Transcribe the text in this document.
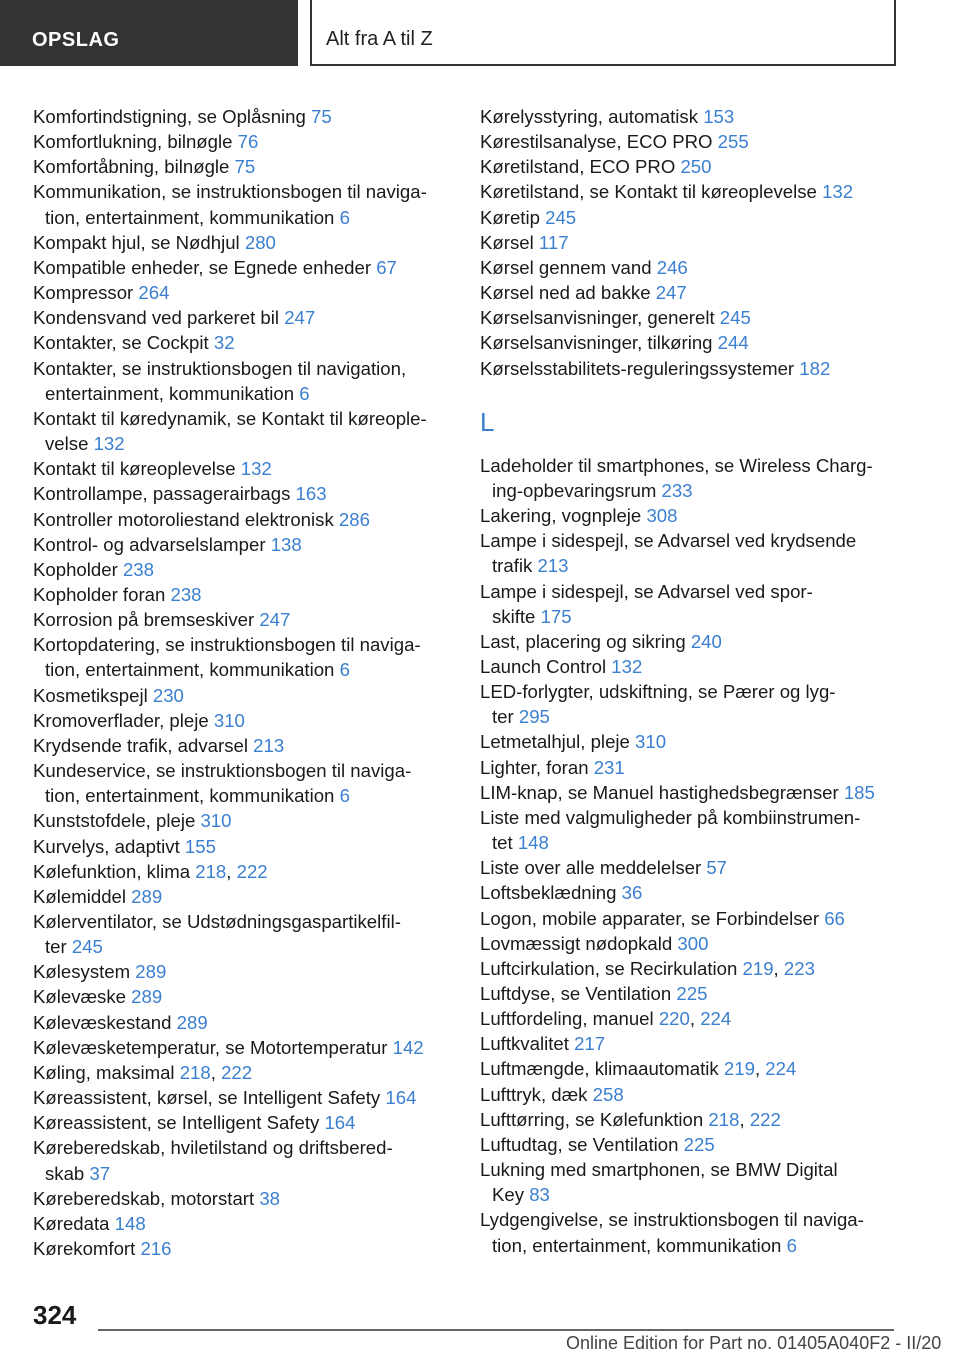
OPSLAG	Alt fra A til Z
Komfortindstigning, se Oplåsning 75
Komfortlukning, bilnøgle 76
Komfortåbning, bilnøgle 75
Kommunikation, se instruktionsbogen til naviga-
tion, entertainment, kommunikation 6
Kompakt hjul, se Nødhjul 280
Kompatible enheder, se Egnede enheder 67
Kompressor 264
Kondensvand ved parkeret bil 247
Kontakter, se Cockpit 32
Kontakter, se instruktionsbogen til navigation,
entertainment, kommunikation 6
Kontakt til køredynamik, se Kontakt til køreople-
velse 132
Kontakt til køreoplevelse 132
Kontrollampe, passagerairbags 163
Kontroller motoroliestand elektronisk 286
Kontrol- og advarselslamper 138
Kopholder 238
Kopholder foran 238
Korrosion på bremseskiver 247
Kortopdatering, se instruktionsbogen til naviga-
tion, entertainment, kommunikation 6
Kosmetikspejl 230
Kromoverflader, pleje 310
Krydsende trafik, advarsel 213
Kundeservice, se instruktionsbogen til naviga-
tion, entertainment, kommunikation 6
Kunststofdele, pleje 310
Kurvelys, adaptivt 155
Kølefunktion, klima 218, 222
Kølemiddel 289
Kølerventilator, se Udstødningsgaspartikelfil-
ter 245
Kølesystem 289
Kølevæske 289
Kølevæskestand 289
Kølevæsketemperatur, se Motortemperatur 142
Køling, maksimal 218, 222
Køreassistent, kørsel, se Intelligent Safety 164
Køreassistent, se Intelligent Safety 164
Køreberedskab, hviletilstand og driftsbered-
skab 37
Køreberedskab, motorstart 38
Køredata 148
Kørekomfort 216
Kørelysstyring, automatisk 153
Kørestilsanalyse, ECO PRO 255
Køretilstand, ECO PRO 250
Køretilstand, se Kontakt til køreoplevelse 132
Køretip 245
Kørsel 117
Kørsel gennem vand 246
Kørsel ned ad bakke 247
Kørselsanvisninger, generelt 245
Kørselsanvisninger, tilkøring 244
Kørselsstabilitets-reguleringssystemer 182
L
Ladeholder til smartphones, se Wireless Charg-
ing-opbevaringsrum 233
Lakering, vognpleje 308
Lampe i sidespejl, se Advarsel ved krydsende
trafik 213
Lampe i sidespejl, se Advarsel ved spor-
skifte 175
Last, placering og sikring 240
Launch Control 132
LED-forlygter, udskiftning, se Pærer og lyg-
ter 295
Letmetalhjul, pleje 310
Lighter, foran 231
LIM-knap, se Manuel hastighedsbegrænser 185
Liste med valgmuligheder på kombiinstrumen-
tet 148
Liste over alle meddelelser 57
Loftsbeklædning 36
Logon, mobile apparater, se Forbindelser 66
Lovmæssigt nødopkald 300
Luftcirkulation, se Recirkulation 219, 223
Luftdyse, se Ventilation 225
Luftfordeling, manuel 220, 224
Luftkvalitet 217
Luftmængde, klimaautomatik 219, 224
Lufttryk, dæk 258
Lufttørring, se Kølefunktion 218, 222
Luftudtag, se Ventilation 225
Lukning med smartphonen, se BMW Digital
Key 83
Lydgengivelse, se instruktionsbogen til naviga-
tion, entertainment, kommunikation 6
324
Online Edition for Part no. 01405A040F2 - II/20
